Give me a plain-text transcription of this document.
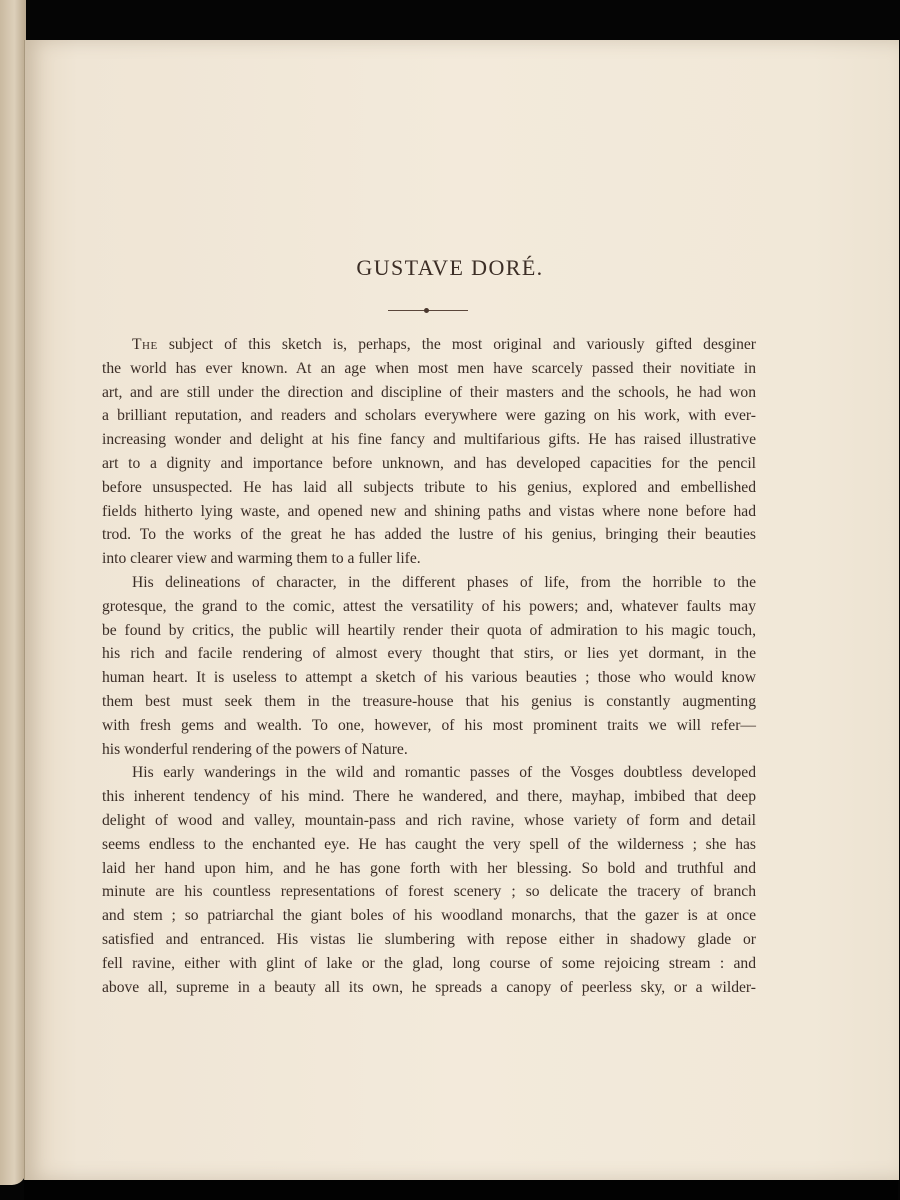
GUSTAVE DORÉ.
The subject of this sketch is, perhaps, the most original and variously gifted desginer
the world has ever known. At an age when most men have scarcely passed their novitiate in
art, and are still under the direction and discipline of their masters and the schools, he had won
a brilliant reputation, and readers and scholars everywhere were gazing on his work, with ever-
increasing wonder and delight at his fine fancy and multifarious gifts. He has raised illustrative
art to a dignity and importance before unknown, and has developed capacities for the pencil
before unsuspected. He has laid all subjects tribute to his genius, explored and embellished
fields hitherto lying waste, and opened new and shining paths and vistas where none before had
trod. To the works of the great he has added the lustre of his genius, bringing their beauties
into clearer view and warming them to a fuller life.
His delineations of character, in the different phases of life, from the horrible to the
grotesque, the grand to the comic, attest the versatility of his powers; and, whatever faults may
be found by critics, the public will heartily render their quota of admiration to his magic touch,
his rich and facile rendering of almost every thought that stirs, or lies yet dormant, in the
human heart. It is useless to attempt a sketch of his various beauties ; those who would know
them best must seek them in the treasure-house that his genius is constantly augmenting
with fresh gems and wealth. To one, however, of his most prominent traits we will refer—
his wonderful rendering of the powers of Nature.
His early wanderings in the wild and romantic passes of the Vosges doubtless developed
this inherent tendency of his mind. There he wandered, and there, mayhap, imbibed that deep
delight of wood and valley, mountain-pass and rich ravine, whose variety of form and detail
seems endless to the enchanted eye. He has caught the very spell of the wilderness ; she has
laid her hand upon him, and he has gone forth with her blessing. So bold and truthful and
minute are his countless representations of forest scenery ; so delicate the tracery of branch
and stem ; so patriarchal the giant boles of his woodland monarchs, that the gazer is at once
satisfied and entranced. His vistas lie slumbering with repose either in shadowy glade or
fell ravine, either with glint of lake or the glad, long course of some rejoicing stream : and
above all, supreme in a beauty all its own, he spreads a canopy of peerless sky, or a wilder-
